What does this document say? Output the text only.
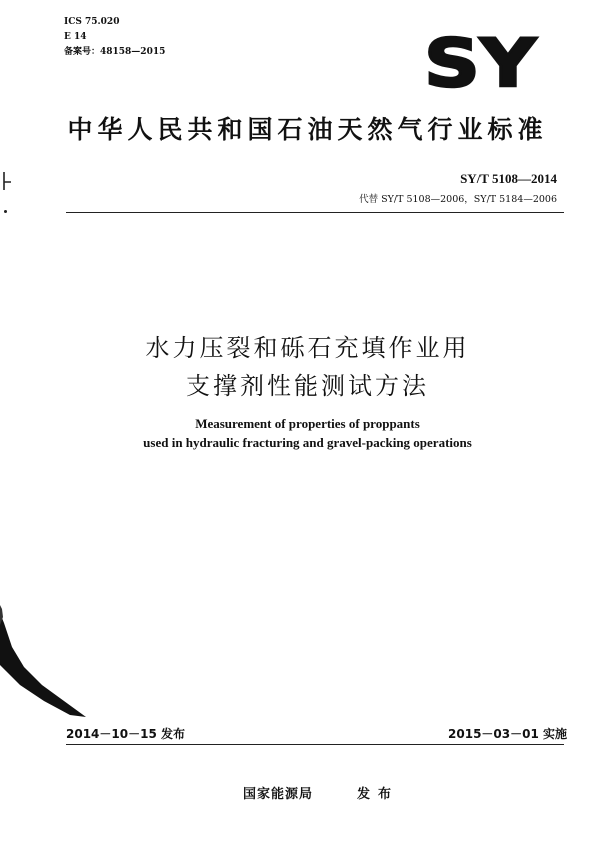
ICS 75.020
E 14
备案号：48158—2015	SY
中华人民共和国石油天然气行业标准
SY/T 5108—2014
代替 SY/T 5108—2006，SY/T 5184—2006
水力压裂和砾石充填作业用
支撑剂性能测试方法
Measurement of properties of proppants
used in hydraulic fracturing and gravel-packing operations
2014－10－15 发布	2015－03－01 实施
国家能源局	发布
